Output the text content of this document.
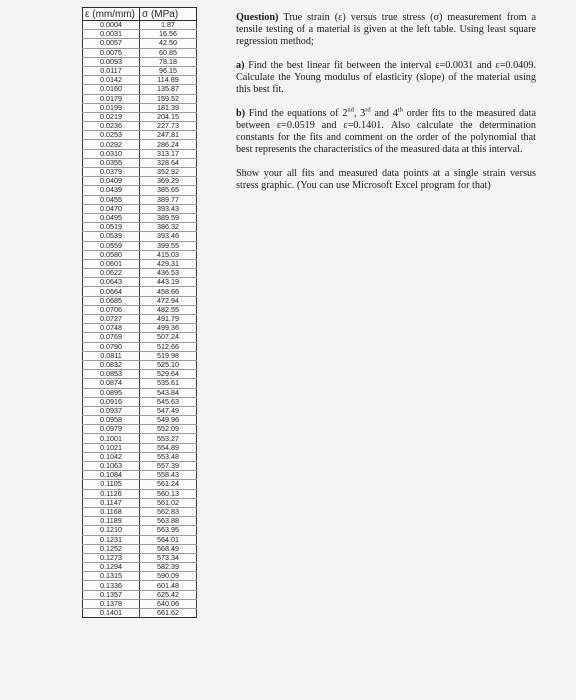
ε (mm/mm)	σ (MPa)
0.0004	1.87
0.0031	16.56
0.0057	42.50
0.0075	60.85
0.0093	78.18
0.0117	96.15
0.0142	114.89
0.0160	135.87
0.0179	159.52
0.0199	181.39
0.0219	204.15
0.0236	227.73
0.0253	247.81
0.0292	286.24
0.0310	313.17
0.0355	328.64
0.0379	352.92
0.0409	369.29
0.0439	385.65
0.0455	389.77
0.0470	393.43
0.0495	389.59
0.0519	386.32
0.0539	393.46
0.0559	399.55
0.0580	415.03
0.0601	429.31
0.0622	436.53
0.0643	443.19
0.0664	458.66
0.0685	472.94
0.0706	482.55
0.0727	491.79
0.0748	499.36
0.0769	507.24
0.0790	512.66
0.0811	519.98
0.0832	525.10
0.0853	529.64
0.0874	535.61
0.0895	543.84
0.0916	545.63
0.0937	547.49
0.0958	549.96
0.0979	552.09
0.1001	553.27
0.1021	554.89
0.1042	553.48
0.1063	557.39
0.1084	558.43
0.1105	561.24
0.1126	560.13
0.1147	561.02
0.1168	562.83
0.1189	563.88
0.1210	563.95
0.1231	564.01
0.1252	568.49
0.1273	573.34
0.1294	582.39
0.1315	590.09
0.1336	601.48
0.1357	625.42
0.1378	640.06
0.1401	661.62

Question) True strain (ε) versus true stress (σ) measurement from a tensile testing of a material is given at the left table. Using least square regression method;

a) Find the best linear fit between the interval ε=0.0031 and ε=0.0409. Calculate the Young modulus of elasticity (slope) of the material using this best fit.

b) Find the equations of 2nd, 3rd and 4th order fits to the measured data between ε=0.0519 and ε=0.1401. Also calculate the determination constants for the fits and comment on the order of the polynomial that best represents the characteristics of the measured data at this interval.

Show your all fits and measured data points at a single strain versus stress graphic. (You can use Microsoft Excel program for that)
